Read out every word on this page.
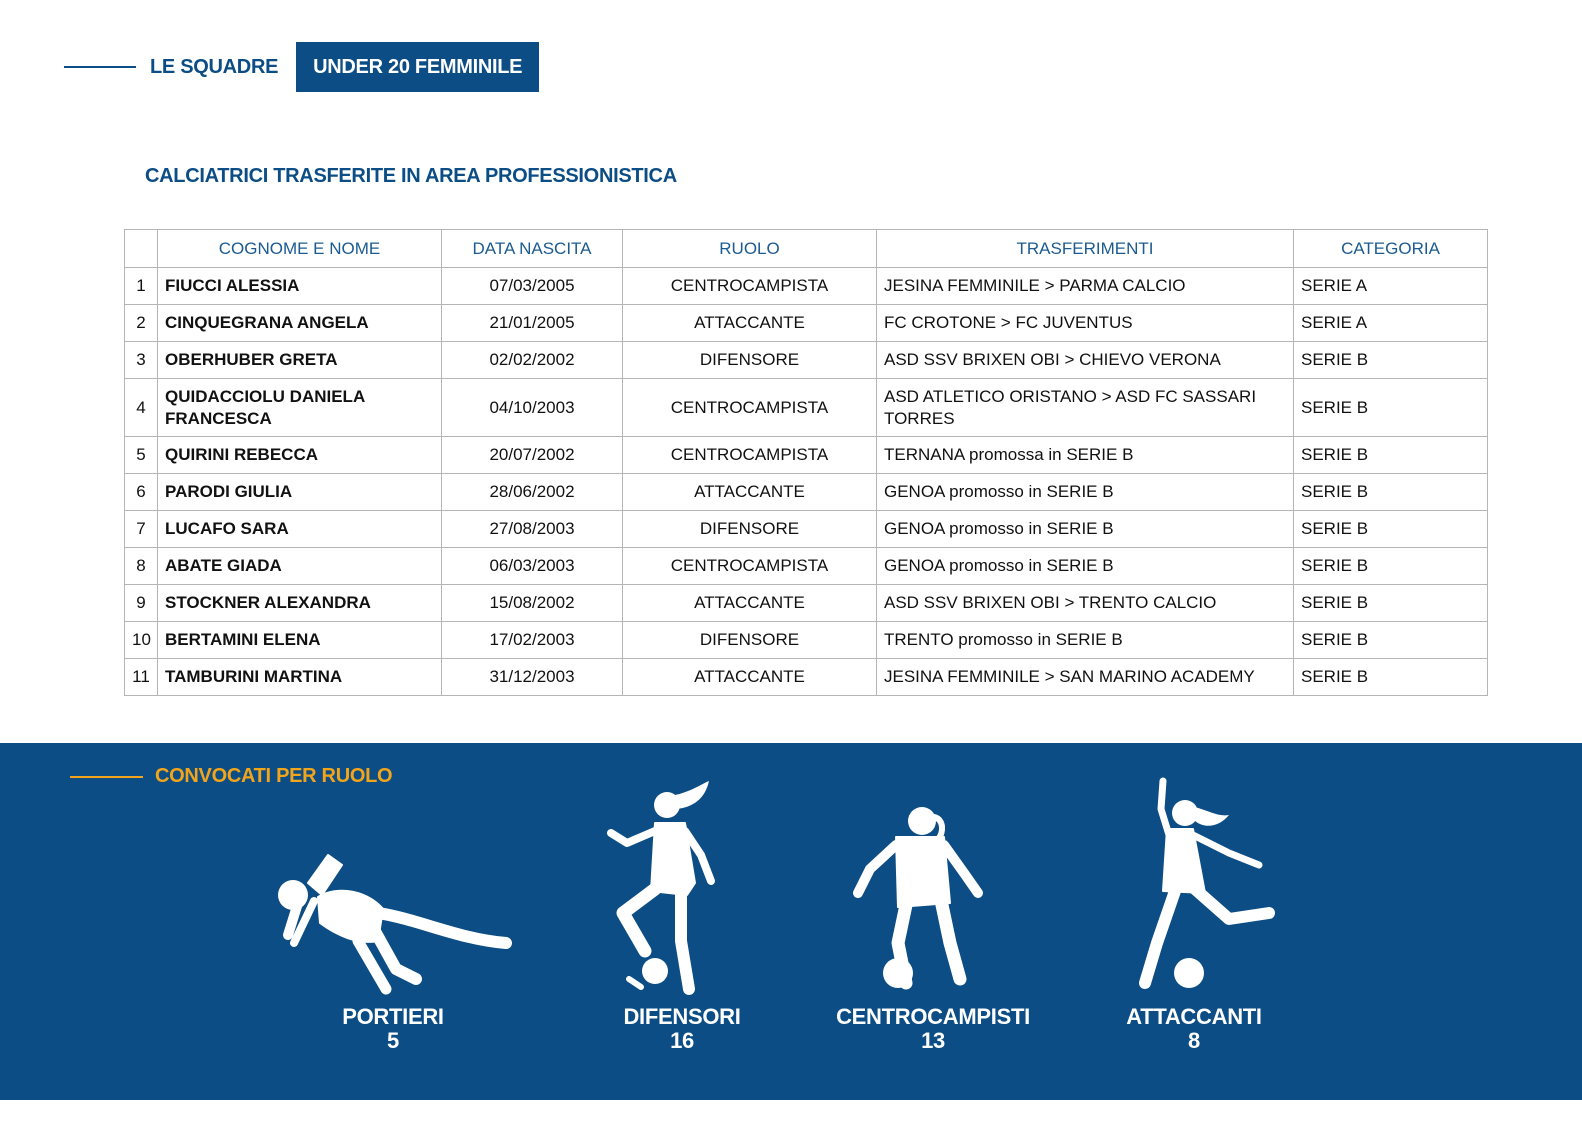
LE SQUADRE	UNDER 20 FEMMINILE
CALCIATRICI TRASFERITE IN AREA PROFESSIONISTICA
	COGNOME E NOME	DATA NASCITA	RUOLO	TRASFERIMENTI	CATEGORIA
1	FIUCCI ALESSIA	07/03/2005	CENTROCAMPISTA	JESINA FEMMINILE > PARMA CALCIO	SERIE A
2	CINQUEGRANA ANGELA	21/01/2005	ATTACCANTE	FC CROTONE > FC JUVENTUS	SERIE A
3	OBERHUBER GRETA	02/02/2002	DIFENSORE	ASD SSV BRIXEN OBI > CHIEVO VERONA	SERIE B
4	QUIDACCIOLU DANIELA FRANCESCA	04/10/2003	CENTROCAMPISTA	ASD ATLETICO ORISTANO > ASD FC SASSARI TORRES	SERIE B
5	QUIRINI REBECCA	20/07/2002	CENTROCAMPISTA	TERNANA promossa in SERIE B	SERIE B
6	PARODI GIULIA	28/06/2002	ATTACCANTE	GENOA promosso in SERIE B	SERIE B
7	LUCAFO SARA	27/08/2003	DIFENSORE	GENOA promosso in SERIE B	SERIE B
8	ABATE GIADA	06/03/2003	CENTROCAMPISTA	GENOA promosso in SERIE B	SERIE B
9	STOCKNER ALEXANDRA	15/08/2002	ATTACCANTE	ASD SSV BRIXEN OBI > TRENTO CALCIO	SERIE B
10	BERTAMINI ELENA	17/02/2003	DIFENSORE	TRENTO promosso in SERIE B	SERIE B
11	TAMBURINI MARTINA	31/12/2003	ATTACCANTE	JESINA FEMMINILE > SAN MARINO ACADEMY	SERIE B
CONVOCATI PER RUOLO
PORTIERI
5
DIFENSORI
16
CENTROCAMPISTI
13
ATTACCANTI
8
